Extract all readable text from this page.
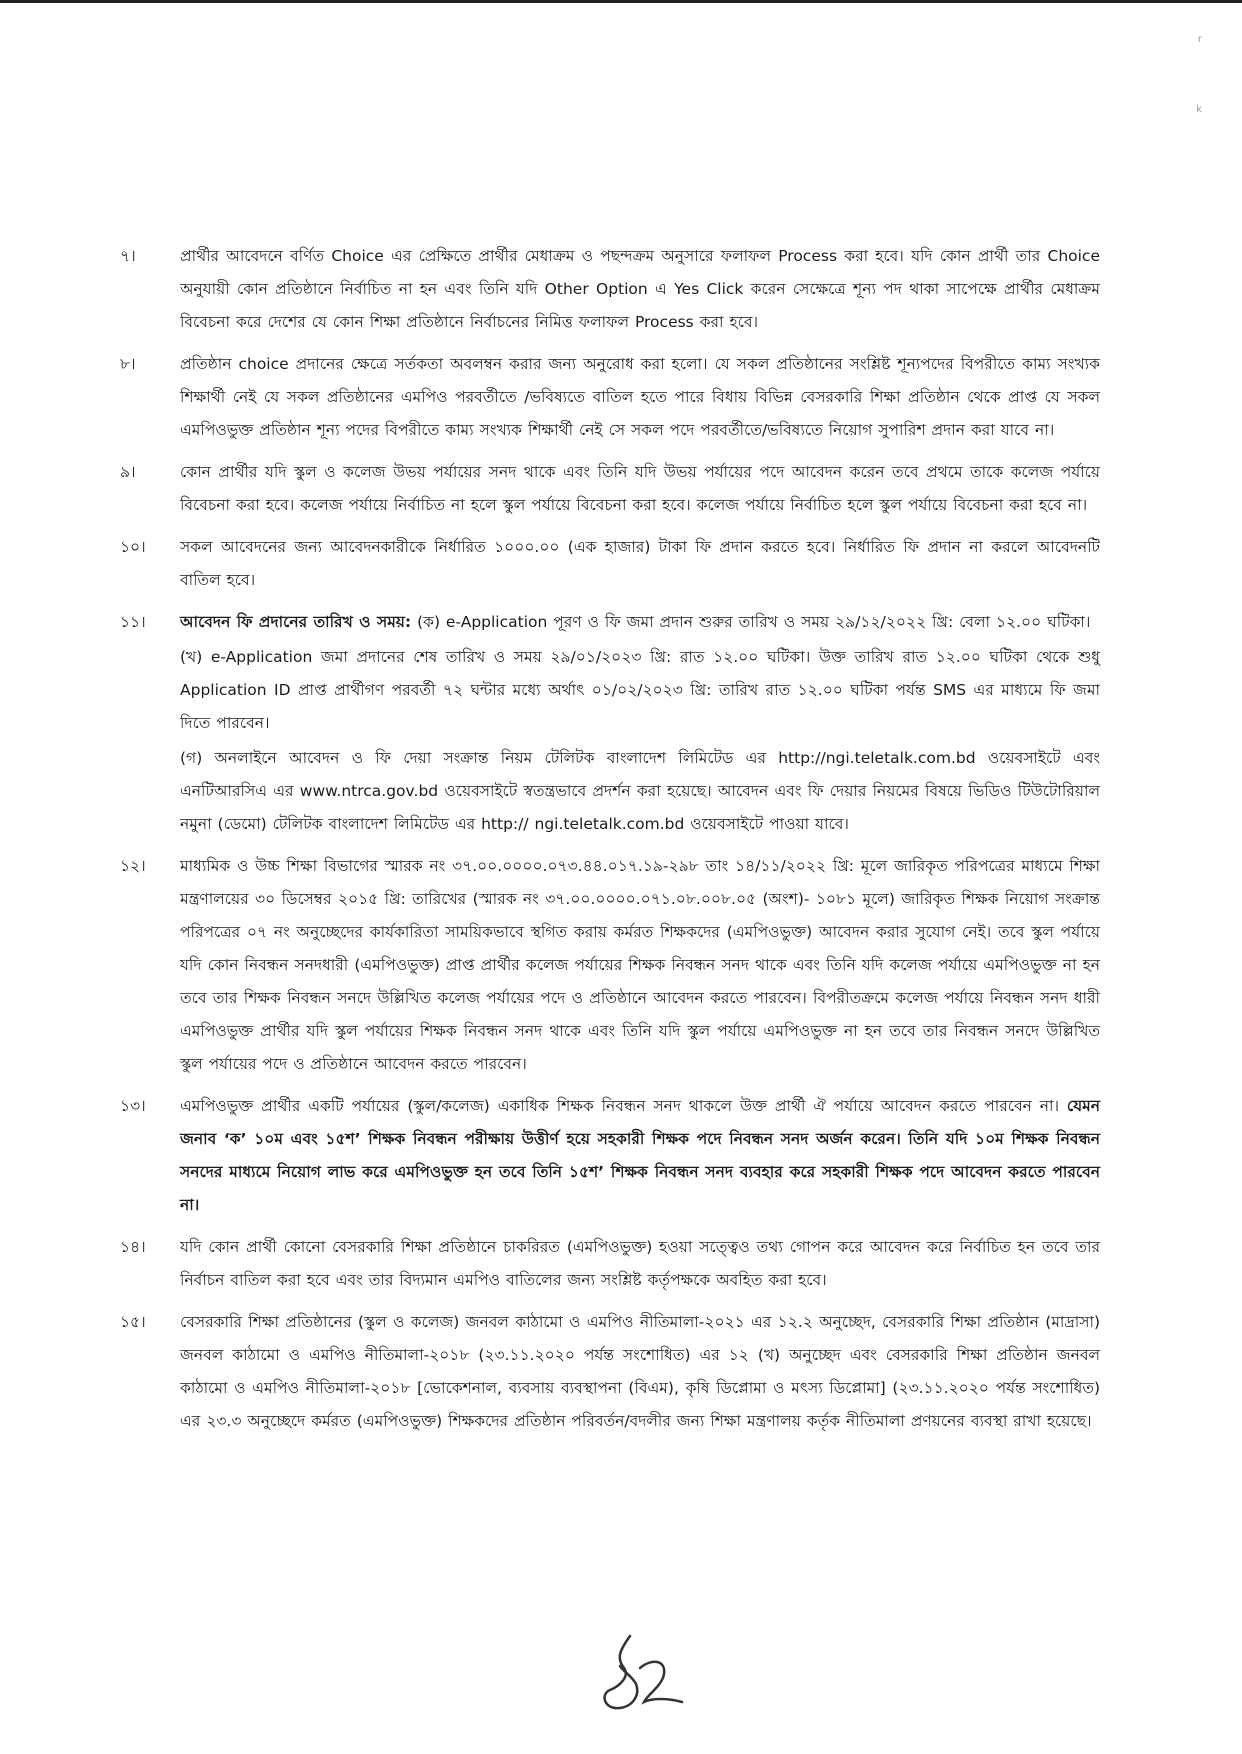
r
k
৭।	প্রার্থীর আবেদনে বর্ণিত Choice এর প্রেক্ষিতে প্রার্থীর মেধাক্রম ও পছন্দক্রম অনুসারে ফলাফল Process করা হবে। যদি কোন প্রার্থী তার Choice অনুযায়ী কোন প্রতিষ্ঠানে নির্বাচিত না হন এবং তিনি যদি Other Option এ Yes Click করেন সেক্ষেত্রে শূন্য পদ থাকা সাপেক্ষে প্রার্থীর মেধাক্রম বিবেচনা করে দেশের যে কোন শিক্ষা প্রতিষ্ঠানে নির্বাচনের নিমিত্ত ফলাফল Process করা হবে।

৮।	প্রতিষ্ঠান choice প্রদানের ক্ষেত্রে সর্তকতা অবলম্বন করার জন্য অনুরোধ করা হলো। যে সকল প্রতিষ্ঠানের সংশ্লিষ্ট শূন্যপদের বিপরীতে কাম্য সংখ্যক শিক্ষার্থী নেই যে সকল প্রতিষ্ঠানের এমপিও পরবর্তীতে /ভবিষ্যতে বাতিল হতে পারে বিধায় বিভিন্ন বেসরকারি শিক্ষা প্রতিষ্ঠান থেকে প্রাপ্ত যে সকল এমপিওভুক্ত প্রতিষ্ঠান শূন্য পদের বিপরীতে কাম্য সংখ্যক শিক্ষার্থী নেই সে সকল পদে পরবর্তীতে/ভবিষ্যতে নিয়োগ সুপারিশ প্রদান করা যাবে না।

৯।	কোন প্রার্থীর যদি স্কুল ও কলেজ উভয় পর্যায়ের সনদ থাকে এবং তিনি যদি উভয় পর্যায়ের পদে আবেদন করেন তবে প্রথমে তাকে কলেজ পর্যায়ে বিবেচনা করা হবে। কলেজ পর্যায়ে নির্বাচিত না হলে স্কুল পর্যায়ে বিবেচনা করা হবে। কলেজ পর্যায়ে নির্বাচিত হলে স্কুল পর্যায়ে বিবেচনা করা হবে না।

১০।	সকল আবেদনের জন্য আবেদনকারীকে নির্ধারিত ১০০০.০০ (এক হাজার) টাকা ফি প্রদান করতে হবে। নির্ধারিত ফি প্রদান না করলে আবেদনটি বাতিল হবে।

১১।	আবেদন ফি প্রদানের তারিখ ও সময়: (ক) e-Application পূরণ ও ফি জমা প্রদান শুরুর তারিখ ও সময় ২৯/১২/২০২২ খ্রি: বেলা ১২.০০ ঘটিকা।

(খ) e-Application জমা প্রদানের শেষ তারিখ ও সময় ২৯/০১/২০২৩ খ্রি: রাত ১২.০০ ঘটিকা। উক্ত তারিখ রাত ১২.০০ ঘটিকা থেকে শুধু Application ID প্রাপ্ত প্রার্থীগণ পরবর্তী ৭২ ঘন্টার মধ্যে অর্থাৎ ০১/০২/২০২৩ খ্রি: তারিখ রাত ১২.০০ ঘটিকা পর্যন্ত SMS এর মাধ্যমে ফি জমা দিতে পারবেন।

(গ) অনলাইনে আবেদন ও ফি দেয়া সংক্রান্ত নিয়ম টেলিটক বাংলাদেশ লিমিটেড এর http://ngi.teletalk.com.bd ওয়েবসাইটে এবং এনটিআরসিএ এর www.ntrca.gov.bd ওয়েবসাইটে স্বতন্ত্রভাবে প্রদর্শন করা হয়েছে। আবেদন এবং ফি দেয়ার নিয়মের বিষয়ে ভিডিও টিউটোরিয়াল নমুনা (ডেমো) টেলিটক বাংলাদেশ লিমিটেড এর http:// ngi.teletalk.com.bd ওয়েবসাইটে পাওয়া যাবে।

১২।	মাধ্যমিক ও উচ্চ শিক্ষা বিভাগের স্মারক নং ৩৭.০০.০০০০.০৭৩.৪৪.০১৭.১৯-২৯৮ তাং ১৪/১১/২০২২ খ্রি: মূলে জারিকৃত পরিপত্রের মাধ্যমে শিক্ষা মন্ত্রণালয়ের ৩০ ডিসেম্বর ২০১৫ খ্রি: তারিখের (স্মারক নং ৩৭.০০.০০০০.০৭১.০৮.০০৮.০৫ (অংশ)- ১০৮১ মূলে) জারিকৃত শিক্ষক নিয়োগ সংক্রান্ত পরিপত্রের ০৭ নং অনুচ্ছেদের কার্যকারিতা সাময়িকভাবে স্থগিত করায় কর্মরত শিক্ষকদের (এমপিওভুক্ত) আবেদন করার সুযোগ নেই। তবে স্কুল পর্যায়ে যদি কোন নিবন্ধন সনদধারী (এমপিওভুক্ত) প্রাপ্ত প্রার্থীর কলেজ পর্যায়ের শিক্ষক নিবন্ধন সনদ থাকে এবং তিনি যদি কলেজ পর্যায়ে এমপিওভুক্ত না হন তবে তার শিক্ষক নিবন্ধন সনদে উল্লিখিত কলেজ পর্যায়ের পদে ও প্রতিষ্ঠানে আবেদন করতে পারবেন। বিপরীতক্রমে কলেজ পর্যায়ে নিবন্ধন সনদ ধারী এমপিওভুক্ত প্রার্থীর যদি স্কুল পর্যায়ের শিক্ষক নিবন্ধন সনদ থাকে এবং তিনি যদি স্কুল পর্যায়ে এমপিওভুক্ত না হন তবে তার নিবন্ধন সনদে উল্লিখিত স্কুল পর্যায়ের পদে ও প্রতিষ্ঠানে আবেদন করতে পারবেন।

১৩।	এমপিওভুক্ত প্রার্থীর একটি পর্যায়ের (স্কুল/কলেজ) একাধিক শিক্ষক নিবন্ধন সনদ থাকলে উক্ত প্রার্থী ঐ পর্যায়ে আবেদন করতে পারবেন না। যেমন জনাব ‘ক’ ১০ম এবং ১৫শ’ শিক্ষক নিবন্ধন পরীক্ষায় উত্তীর্ণ হয়ে সহকারী শিক্ষক পদে নিবন্ধন সনদ অর্জন করেন। তিনি যদি ১০ম শিক্ষক নিবন্ধন সনদের মাধ্যমে নিয়োগ লাভ করে এমপিওভুক্ত হন তবে তিনি ১৫শ’ শিক্ষক নিবন্ধন সনদ ব্যবহার করে সহকারী শিক্ষক পদে আবেদন করতে পারবেন না।

১৪।	যদি কোন প্রার্থী কোনো বেসরকারি শিক্ষা প্রতিষ্ঠানে চাকরিরত (এমপিওভুক্ত) হওয়া সত্ত্বেও তথ্য গোপন করে আবেদন করে নির্বাচিত হন তবে তার নির্বাচন বাতিল করা হবে এবং তার বিদ্যমান এমপিও বাতিলের জন্য সংশ্লিষ্ট কর্তৃপক্ষকে অবহিত করা হবে।

১৫।	বেসরকারি শিক্ষা প্রতিষ্ঠানের (স্কুল ও কলেজ) জনবল কাঠামো ও এমপিও নীতিমালা-২০২১ এর ১২.২ অনুচ্ছেদ, বেসরকারি শিক্ষা প্রতিষ্ঠান (মাদ্রাসা) জনবল কাঠামো ও এমপিও নীতিমালা-২০১৮ (২৩.১১.২০২০ পর্যন্ত সংশোধিত) এর ১২ (খ) অনুচ্ছেদ এবং বেসরকারি শিক্ষা প্রতিষ্ঠান জনবল কাঠামো ও এমপিও নীতিমালা-২০১৮ [ভোকেশনাল, ব্যবসায় ব্যবস্থাপনা (বিএম), কৃষি ডিপ্লোমা ও মৎস্য ডিপ্লোমা] (২৩.১১.২০২০ পর্যন্ত সংশোধিত) এর ২৩.৩ অনুচ্ছেদে কর্মরত (এমপিওভুক্ত) শিক্ষকদের প্রতিষ্ঠান পরিবর্তন/বদলীর জন্য শিক্ষা মন্ত্রণালয় কর্তৃক নীতিমালা প্রণয়নের ব্যবস্থা রাখা হয়েছে।
